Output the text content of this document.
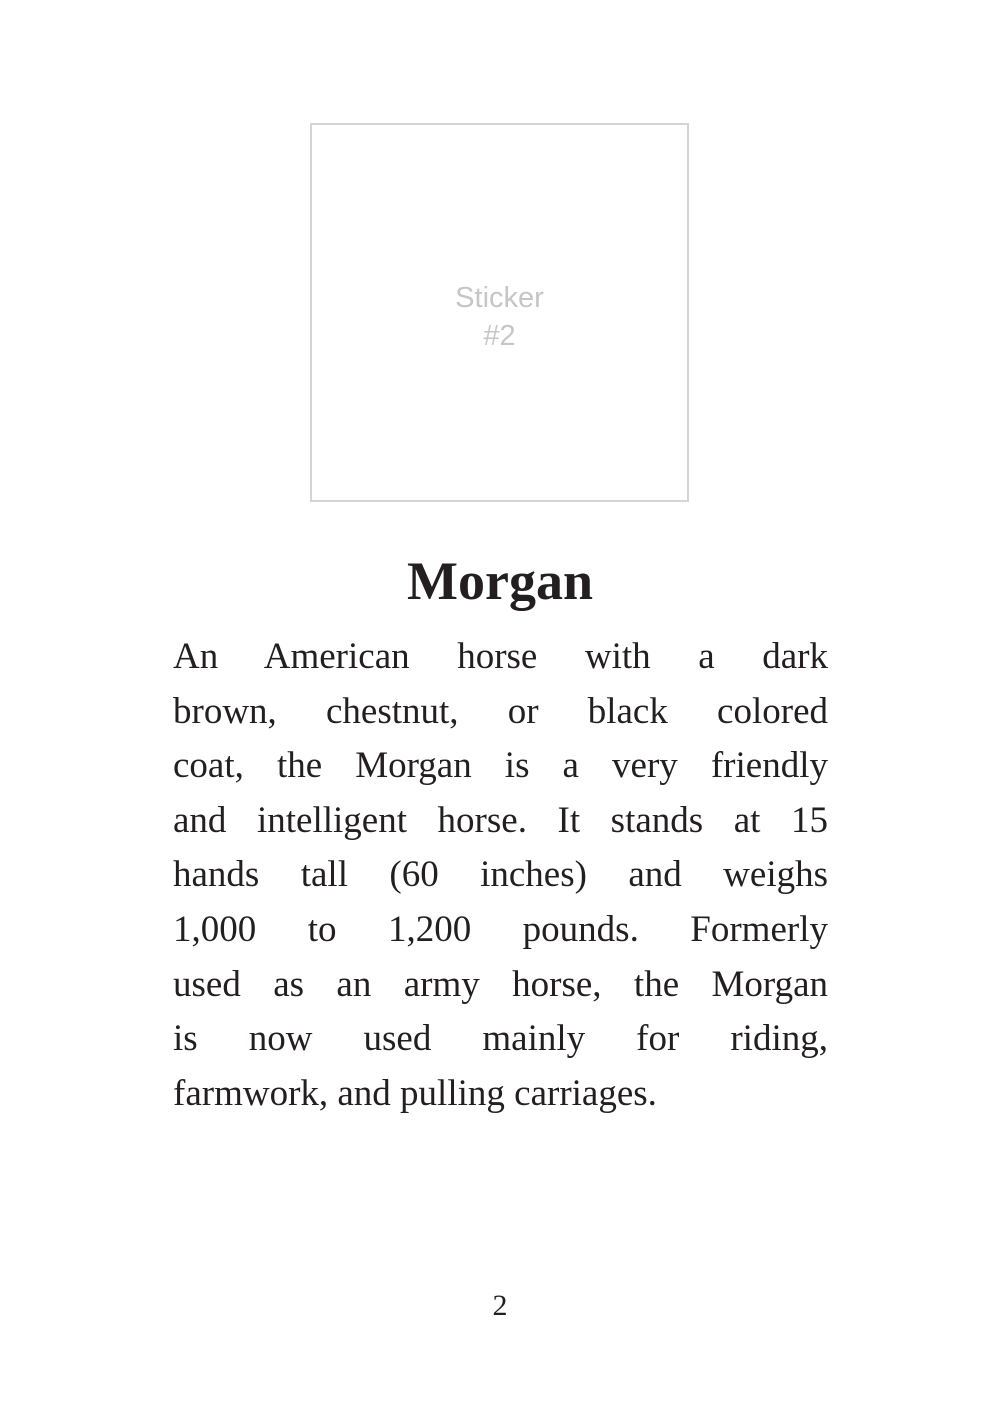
Sticker
#2
Morgan
An American horse with a dark
brown, chestnut, or black colored
coat, the Morgan is a very friendly
and intelligent horse. It stands at 15
hands tall (60 inches) and weighs
1,000 to 1,200 pounds. Formerly
used as an army horse, the Morgan
is now used mainly for riding,
farmwork, and pulling carriages.
2
